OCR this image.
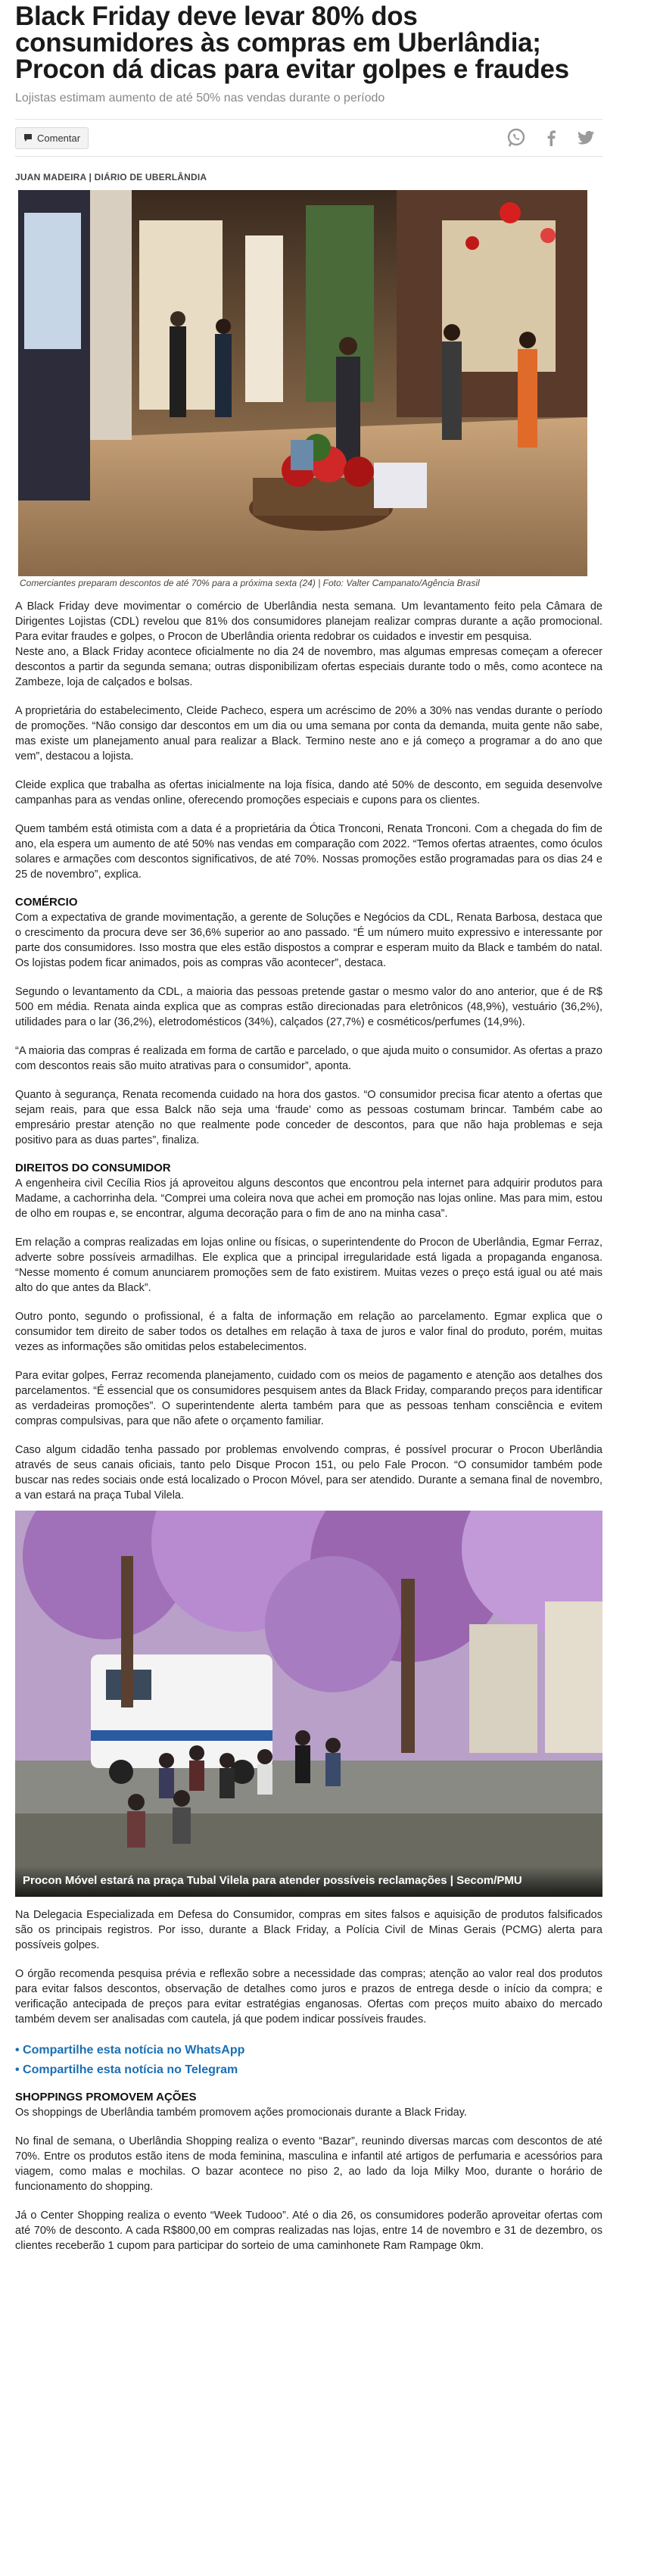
Black Friday deve levar 80% dos consumidores às compras em Uberlândia; Procon dá dicas para evitar golpes e fraudes
Lojistas estimam aumento de até 50% nas vendas durante o período
Comentar
JUAN MADEIRA | DIÁRIO DE UBERLÂNDIA
Comerciantes preparam descontos de até 70% para a próxima sexta (24) | Foto: Valter Campanato/Agência Brasil

A Black Friday deve movimentar o comércio de Uberlândia nesta semana. Um levantamento feito pela Câmara de Dirigentes Lojistas (CDL) revelou que 81% dos consumidores planejam realizar compras durante a ação promocional. Para evitar fraudes e golpes, o Procon de Uberlândia orienta redobrar os cuidados e investir em pesquisa.

Neste ano, a Black Friday acontece oficialmente no dia 24 de novembro, mas algumas empresas começam a oferecer descontos a partir da segunda semana; outras disponibilizam ofertas especiais durante todo o mês, como acontece na Zambeze, loja de calçados e bolsas.

A proprietária do estabelecimento, Cleide Pacheco, espera um acréscimo de 20% a 30% nas vendas durante o período de promoções. “Não consigo dar descontos em um dia ou uma semana por conta da demanda, muita gente não sabe, mas existe um planejamento anual para realizar a Black. Termino neste ano e já começo a programar a do ano que vem”, destacou a lojista.

Cleide explica que trabalha as ofertas inicialmente na loja física, dando até 50% de desconto, em seguida desenvolve campanhas para as vendas online, oferecendo promoções especiais e cupons para os clientes.

Quem também está otimista com a data é a proprietária da Ótica Tronconi, Renata Tronconi. Com a chegada do fim de ano, ela espera um aumento de até 50% nas vendas em comparação com 2022. “Temos ofertas atraentes, como óculos solares e armações com descontos significativos, de até 70%. Nossas promoções estão programadas para os dias 24 e 25 de novembro”, explica.

COMÉRCIO

Com a expectativa de grande movimentação, a gerente de Soluções e Negócios da CDL, Renata Barbosa, destaca que o crescimento da procura deve ser 36,6% superior ao ano passado. “É um número muito expressivo e interessante por parte dos consumidores. Isso mostra que eles estão dispostos a comprar e esperam muito da Black e também do natal. Os lojistas podem ficar animados, pois as compras vão acontecer”, destaca.

Segundo o levantamento da CDL, a maioria das pessoas pretende gastar o mesmo valor do ano anterior, que é de R$ 500 em média. Renata ainda explica que as compras estão direcionadas para eletrônicos (48,9%), vestuário (36,2%), utilidades para o lar (36,2%), eletrodomésticos (34%), calçados (27,7%) e cosméticos/perfumes (14,9%).

“A maioria das compras é realizada em forma de cartão e parcelado, o que ajuda muito o consumidor. As ofertas a prazo com descontos reais são muito atrativas para o consumidor”, aponta.

Quanto à segurança, Renata recomenda cuidado na hora dos gastos. “O consumidor precisa ficar atento a ofertas que sejam reais, para que essa Balck não seja uma ‘fraude’ como as pessoas costumam brincar. Também cabe ao empresário prestar atenção no que realmente pode conceder de descontos, para que não haja problemas e seja positivo para as duas partes”, finaliza.

DIREITOS DO CONSUMIDOR

A engenheira civil Cecília Rios já aproveitou alguns descontos que encontrou pela internet para adquirir produtos para Madame, a cachorrinha dela. “Comprei uma coleira nova que achei em promoção nas lojas online. Mas para mim, estou de olho em roupas e, se encontrar, alguma decoração para o fim de ano na minha casa”.

Em relação a compras realizadas em lojas online ou físicas, o superintendente do Procon de Uberlândia, Egmar Ferraz, adverte sobre possíveis armadilhas. Ele explica que a principal irregularidade está ligada a propaganda enganosa. “Nesse momento é comum anunciarem promoções sem de fato existirem. Muitas vezes o preço está igual ou até mais alto do que antes da Black”.

Outro ponto, segundo o profissional, é a falta de informação em relação ao parcelamento. Egmar explica que o consumidor tem direito de saber todos os detalhes em relação à taxa de juros e valor final do produto, porém, muitas vezes as informações são omitidas pelos estabelecimentos.

Para evitar golpes, Ferraz recomenda planejamento, cuidado com os meios de pagamento e atenção aos detalhes dos parcelamentos. “É essencial que os consumidores pesquisem antes da Black Friday, comparando preços para identificar as verdadeiras promoções”. O superintendente alerta também para que as pessoas tenham consciência e evitem compras compulsivas, para que não afete o orçamento familiar.

Caso algum cidadão tenha passado por problemas envolvendo compras, é possível procurar o Procon Uberlândia através de seus canais oficiais, tanto pelo Disque Procon 151, ou pelo Fale Procon. “O consumidor também pode buscar nas redes sociais onde está localizado o Procon Móvel, para ser atendido. Durante a semana final de novembro, a van estará na praça Tubal Vilela.

Procon Móvel estará na praça Tubal Vilela para atender possíveis reclamações | Secom/PMU

Na Delegacia Especializada em Defesa do Consumidor, compras em sites falsos e aquisição de produtos falsificados são os principais registros. Por isso, durante a Black Friday, a Polícia Civil de Minas Gerais (PCMG) alerta para possíveis golpes.

O órgão recomenda pesquisa prévia e reflexão sobre a necessidade das compras; atenção ao valor real dos produtos para evitar falsos descontos, observação de detalhes como juros e prazos de entrega desde o início da compra; e verificação antecipada de preços para evitar estratégias enganosas. Ofertas com preços muito abaixo do mercado também devem ser analisadas com cautela, já que podem indicar possíveis fraudes.

• Compartilhe esta notícia no WhatsApp
• Compartilhe esta notícia no Telegram
SHOPPINGS PROMOVEM AÇÕES

Os shoppings de Uberlândia também promovem ações promocionais durante a Black Friday.

No final de semana, o Uberlândia Shopping realiza o evento “Bazar”, reunindo diversas marcas com descontos de até 70%. Entre os produtos estão itens de moda feminina, masculina e infantil até artigos de perfumaria e acessórios para viagem, como malas e mochilas. O bazar acontece no piso 2, ao lado da loja Milky Moo, durante o horário de funcionamento do shopping.

Já o Center Shopping realiza o evento “Week Tudooo”. Até o dia 26, os consumidores poderão aproveitar ofertas com até 70% de desconto. A cada R$800,00 em compras realizadas nas lojas, entre 14 de novembro e 31 de dezembro, os clientes receberão 1 cupom para participar do sorteio de uma caminhonete Ram Rampage 0km.
